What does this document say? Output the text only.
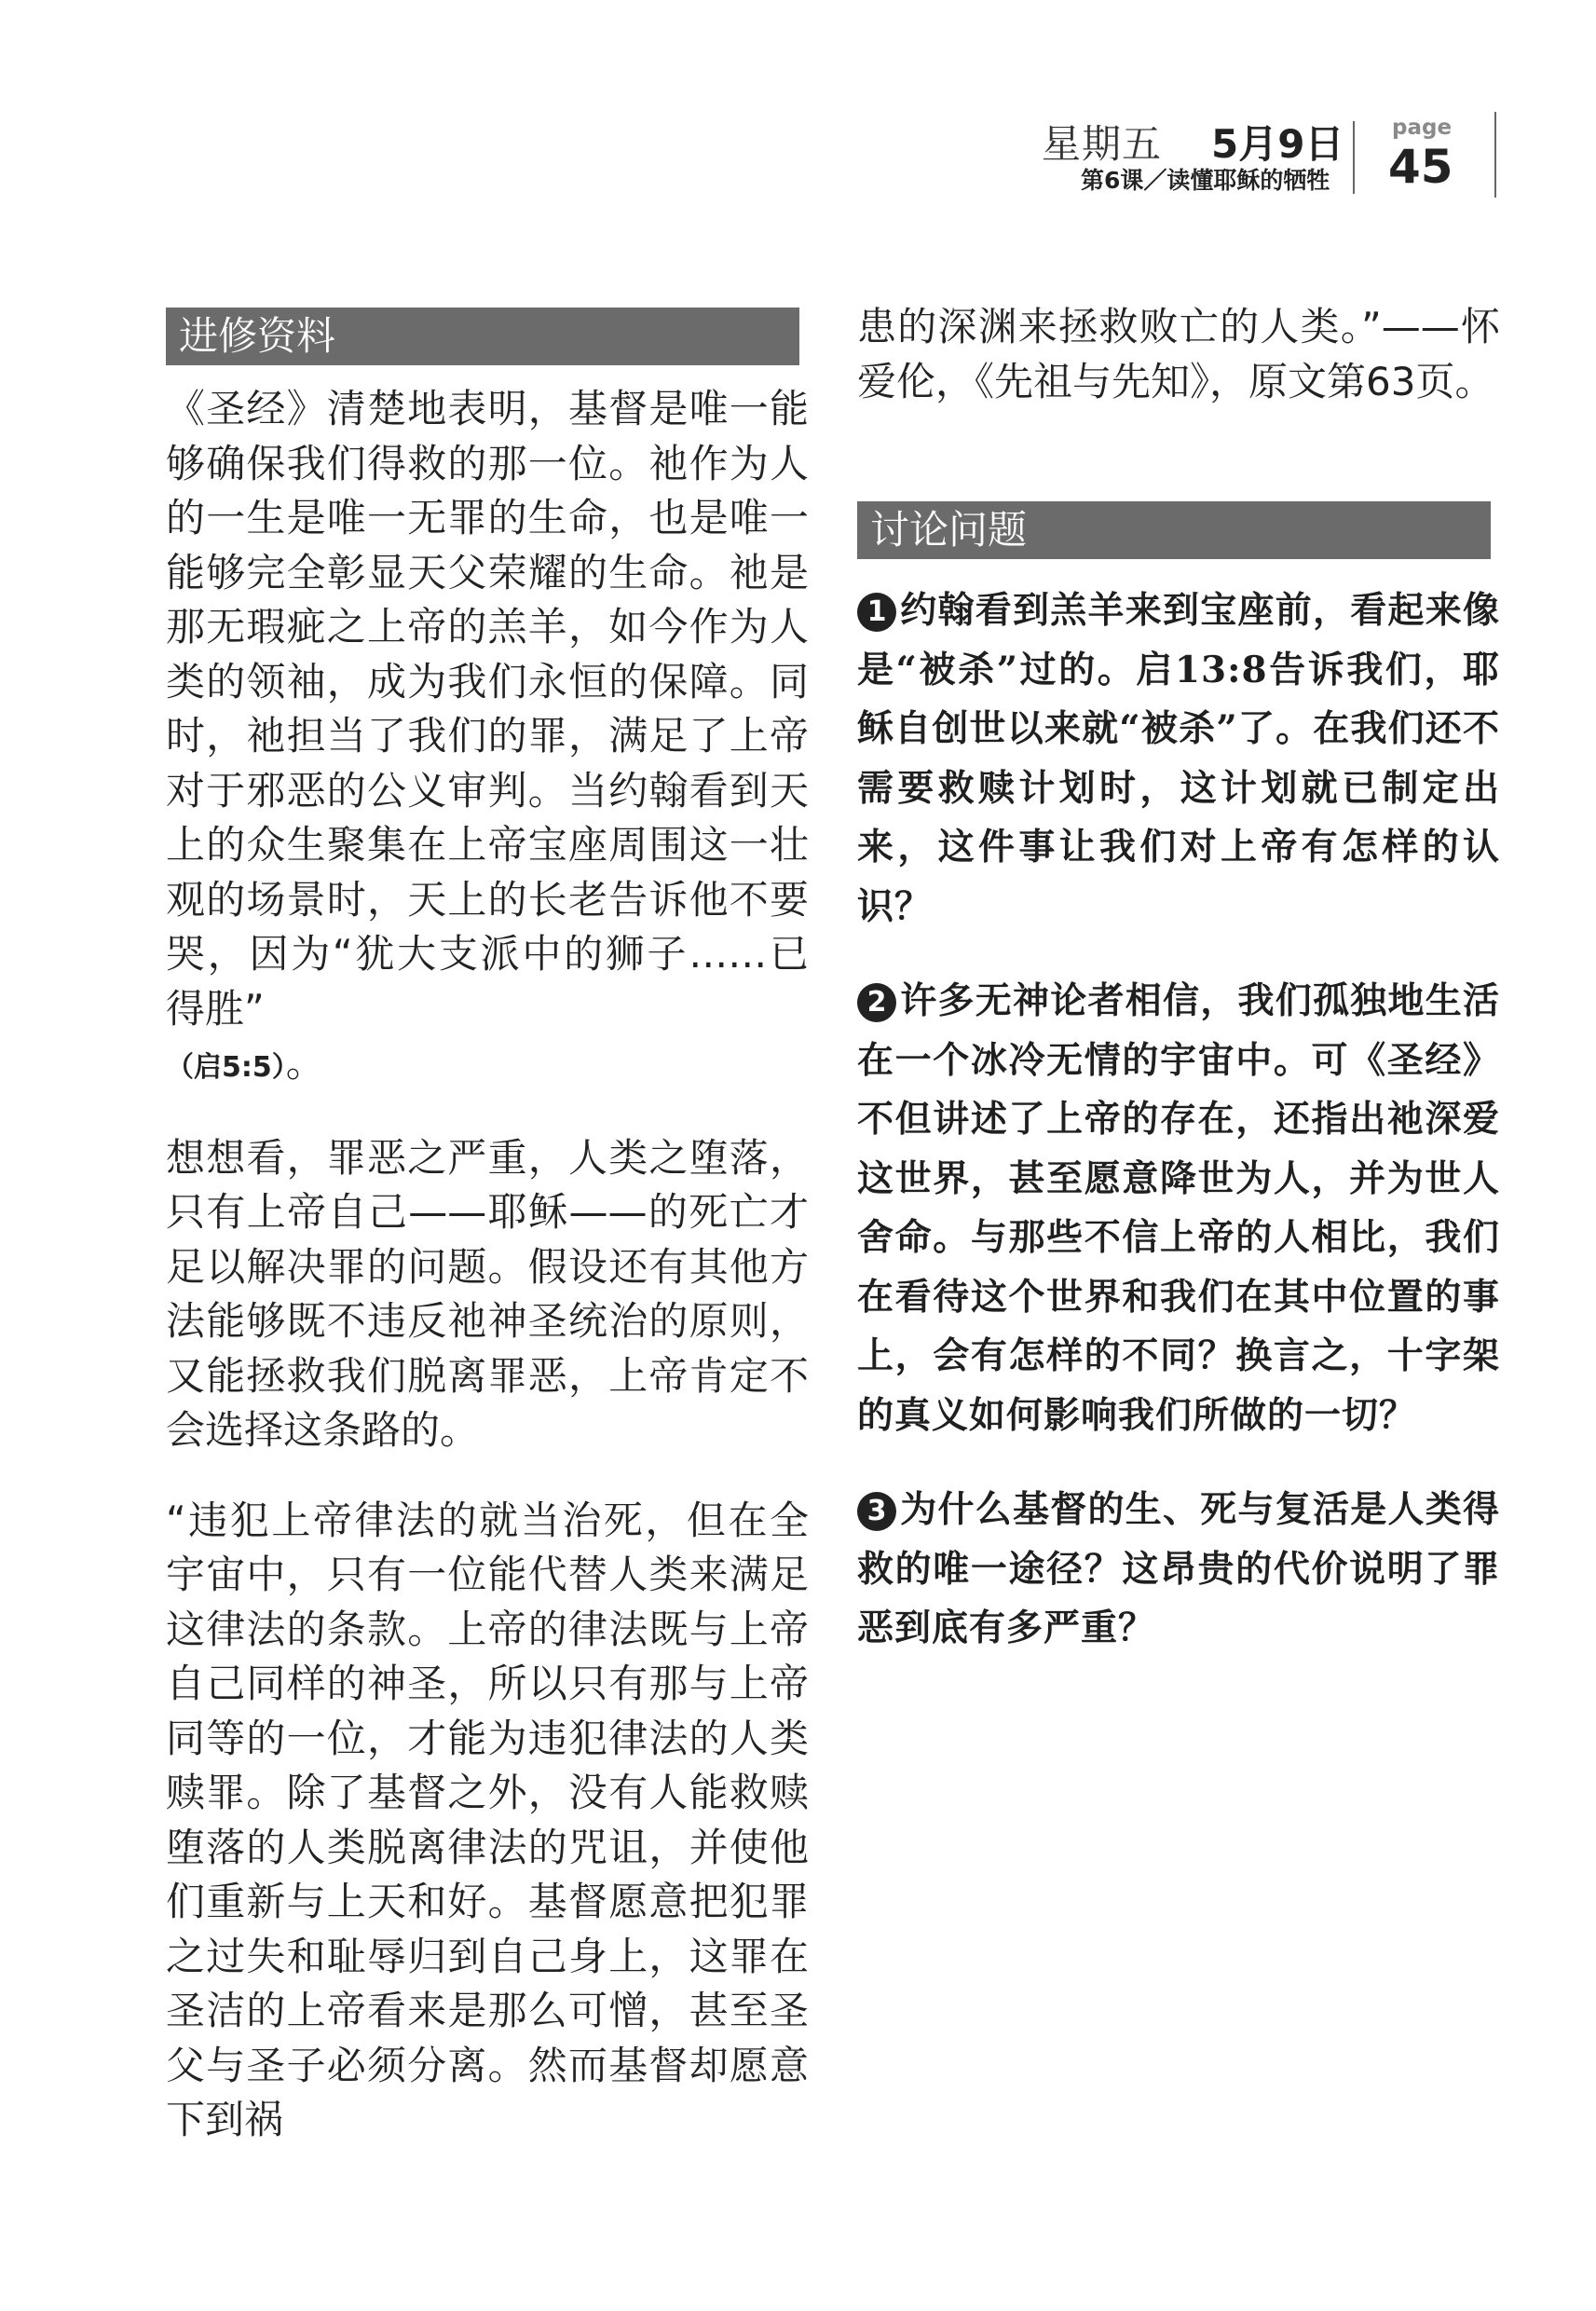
星期五 5月9日
第6课／读懂耶稣的牺牲
page
45
进修资料

《圣经》清楚地表明，基督是唯一能够确保我们得救的那一位。祂作为人的一生是唯一无罪的生命，也是唯一能够完全彰显天父荣耀的生命。祂是那无瑕疵之上帝的羔羊，如今作为人类的领袖，成为我们永恒的保障。同时，祂担当了我们的罪，满足了上帝对于邪恶的公义审判。当约翰看到天上的众生聚集在上帝宝座周围这一壮观的场景时，天上的长老告诉他不要哭，因为“犹大支派中的狮子……已得胜”
（启5:5）。

想想看，罪恶之严重，人类之堕落，只有上帝自己——耶稣——的死亡才足以解决罪的问题。假设还有其他方法能够既不违反祂神圣统治的原则，又能拯救我们脱离罪恶，上帝肯定不会选择这条路的。

“违犯上帝律法的就当治死，但在全宇宙中，只有一位能代替人类来满足这律法的条款。上帝的律法既与上帝自己同样的神圣，所以只有那与上帝同等的一位，才能为违犯律法的人类赎罪。除了基督之外，没有人能救赎堕落的人类脱离律法的咒诅，并使他们重新与上天和好。基督愿意把犯罪之过失和耻辱归到自己身上，这罪在圣洁的上帝看来是那么可憎，甚至圣父与圣子必须分离。然而基督却愿意下到祸

患的深渊来拯救败亡的人类。”——怀爱伦，《先祖与先知》，原文第63页。

讨论问题

1 约翰看到羔羊来到宝座前，看起来像是“被杀”过的。启13:8告诉我们，耶稣自创世以来就“被杀”了。在我们还不需要救赎计划时，这计划就已制定出来，这件事让我们对上帝有怎样的认识？

2 许多无神论者相信，我们孤独地生活在一个冰冷无情的宇宙中。可《圣经》不但讲述了上帝的存在，还指出祂深爱这世界，甚至愿意降世为人，并为世人舍命。与那些不信上帝的人相比，我们在看待这个世界和我们在其中位置的事上，会有怎样的不同？换言之，十字架的真义如何影响我们所做的一切？

3 为什么基督的生、死与复活是人类得救的唯一途径？这昂贵的代价说明了罪恶到底有多严重？
